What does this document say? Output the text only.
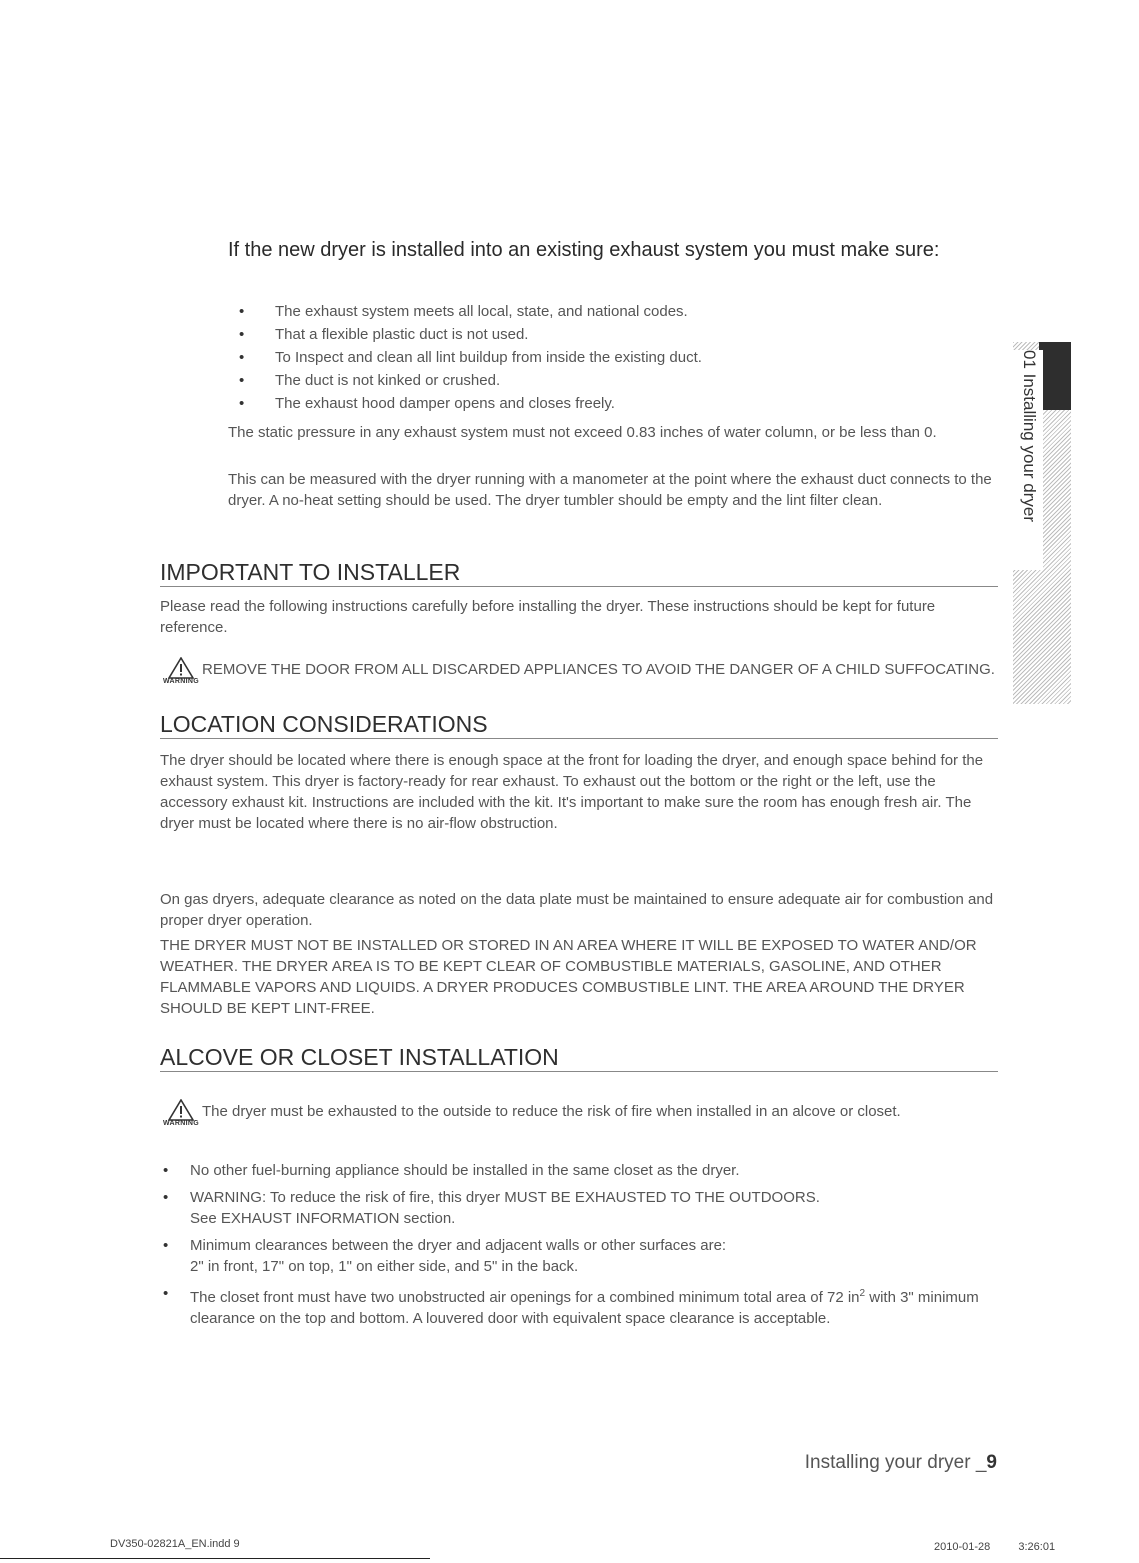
If the new dryer is installed into an existing exhaust system you must make sure:
• The exhaust system meets all local, state, and national codes.
• That a flexible plastic duct is not used.
• To Inspect and clean all lint buildup from inside the existing duct.
• The duct is not kinked or crushed.
• The exhaust hood damper opens and closes freely.
The static pressure in any exhaust system must not exceed 0.83 inches of water column, or be less than 0.
This can be measured with the dryer running with a manometer at the point where the exhaust duct connects to the dryer. A no-heat setting should be used. The dryer tumbler should be empty and the lint filter clean.
IMPORTANT TO INSTALLER
Please read the following instructions carefully before installing the dryer. These instructions should be kept for future reference.
WARNING
REMOVE THE DOOR FROM ALL DISCARDED APPLIANCES TO AVOID THE DANGER OF A CHILD SUFFOCATING.
LOCATION CONSIDERATIONS
The dryer should be located where there is enough space at the front for loading the dryer, and enough space behind for the exhaust system. This dryer is factory-ready for rear exhaust. To exhaust out the bottom or the right or the left, use the accessory exhaust kit. Instructions are included with the kit. It's important to make sure the room has enough fresh air. The dryer must be located where there is no air-flow obstruction.
On gas dryers, adequate clearance as noted on the data plate must be maintained to ensure adequate air for combustion and proper dryer operation.
THE DRYER MUST NOT BE INSTALLED OR STORED IN AN AREA WHERE IT WILL BE EXPOSED TO WATER AND/OR WEATHER. THE DRYER AREA IS TO BE KEPT CLEAR OF COMBUSTIBLE MATERIALS, GASOLINE, AND OTHER FLAMMABLE VAPORS AND LIQUIDS. A DRYER PRODUCES COMBUSTIBLE LINT. THE AREA AROUND THE DRYER SHOULD BE KEPT LINT-FREE.
ALCOVE OR CLOSET INSTALLATION
WARNING
The dryer must be exhausted to the outside to reduce the risk of fire when installed in an alcove or closet.
• No other fuel-burning appliance should be installed in the same closet as the dryer.
• WARNING: To reduce the risk of fire, this dryer MUST BE EXHAUSTED TO THE OUTDOORS.
See EXHAUST INFORMATION section.
• Minimum clearances between the dryer and adjacent walls or other surfaces are:
2" in front, 17" on top, 1" on either side, and 5" in the back.
• The closet front must have two unobstructed air openings for a combined minimum total area of 72 $in^2$ with 3" minimum clearance on the top and bottom. A louvered door with equivalent space clearance is acceptable.
01 Installing your dryer
Installing your dryer _9
DV350-02821A_EN.indd 9	2010-01-28 　　 3:26:01
